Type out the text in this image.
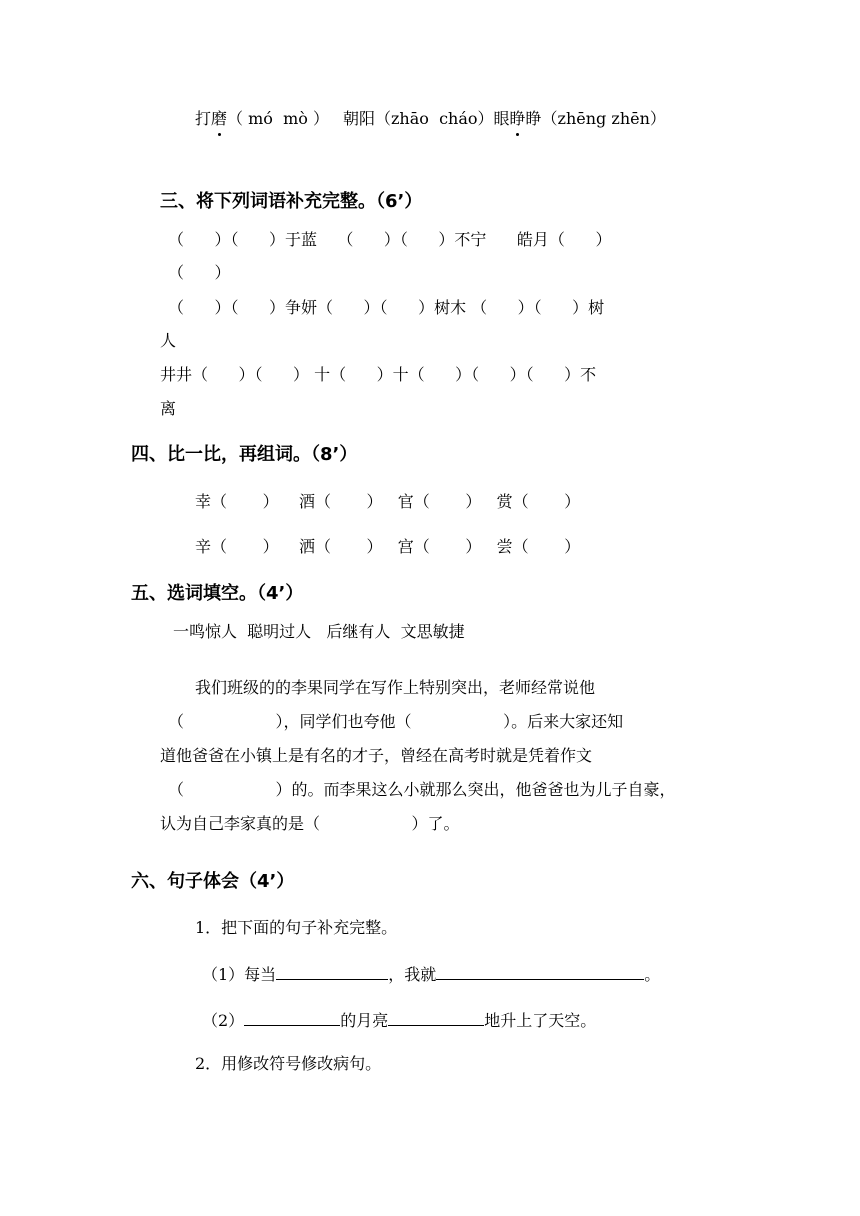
打磨（ mó  mò ） 朝阳（zhāo  cháo）眼睁睁（zhēng zhēn）
三、将下列词语补充完整。（6’）
（      ）（      ）于蓝    （      ）（      ）不宁      皓月（      ）
（      ）
（      ）（      ）争妍（      ）（      ）树木 （      ）（      ）树
人
井井（      ）（      ） 十（      ）十（      ）（      ）（      ）不
离
四、比一比，再组词。（8’）
幸（       ）    酒（       ）   官（       ）   赏（       ）
辛（       ）    洒（       ）   宫（       ）   尝（       ）
五、选词填空。（4’）
一鸣惊人  聪明过人   后继有人  文思敏捷
我们班级的的李果同学在写作上特别突出，老师经常说他
（                  ），同学们也夸他（                  ）。后来大家还知
道他爸爸在小镇上是有名的才子，曾经在高考时就是凭着作文
（                  ）的。而李果这么小就那么突出，他爸爸也为儿子自豪，
认为自己李家真的是（                  ）了。
六、句子体会（4’）
1．把下面的句子补充完整。
（1）每当	，我就	。
（2）	的月亮	地升上了天空。
2．用修改符号修改病句。
